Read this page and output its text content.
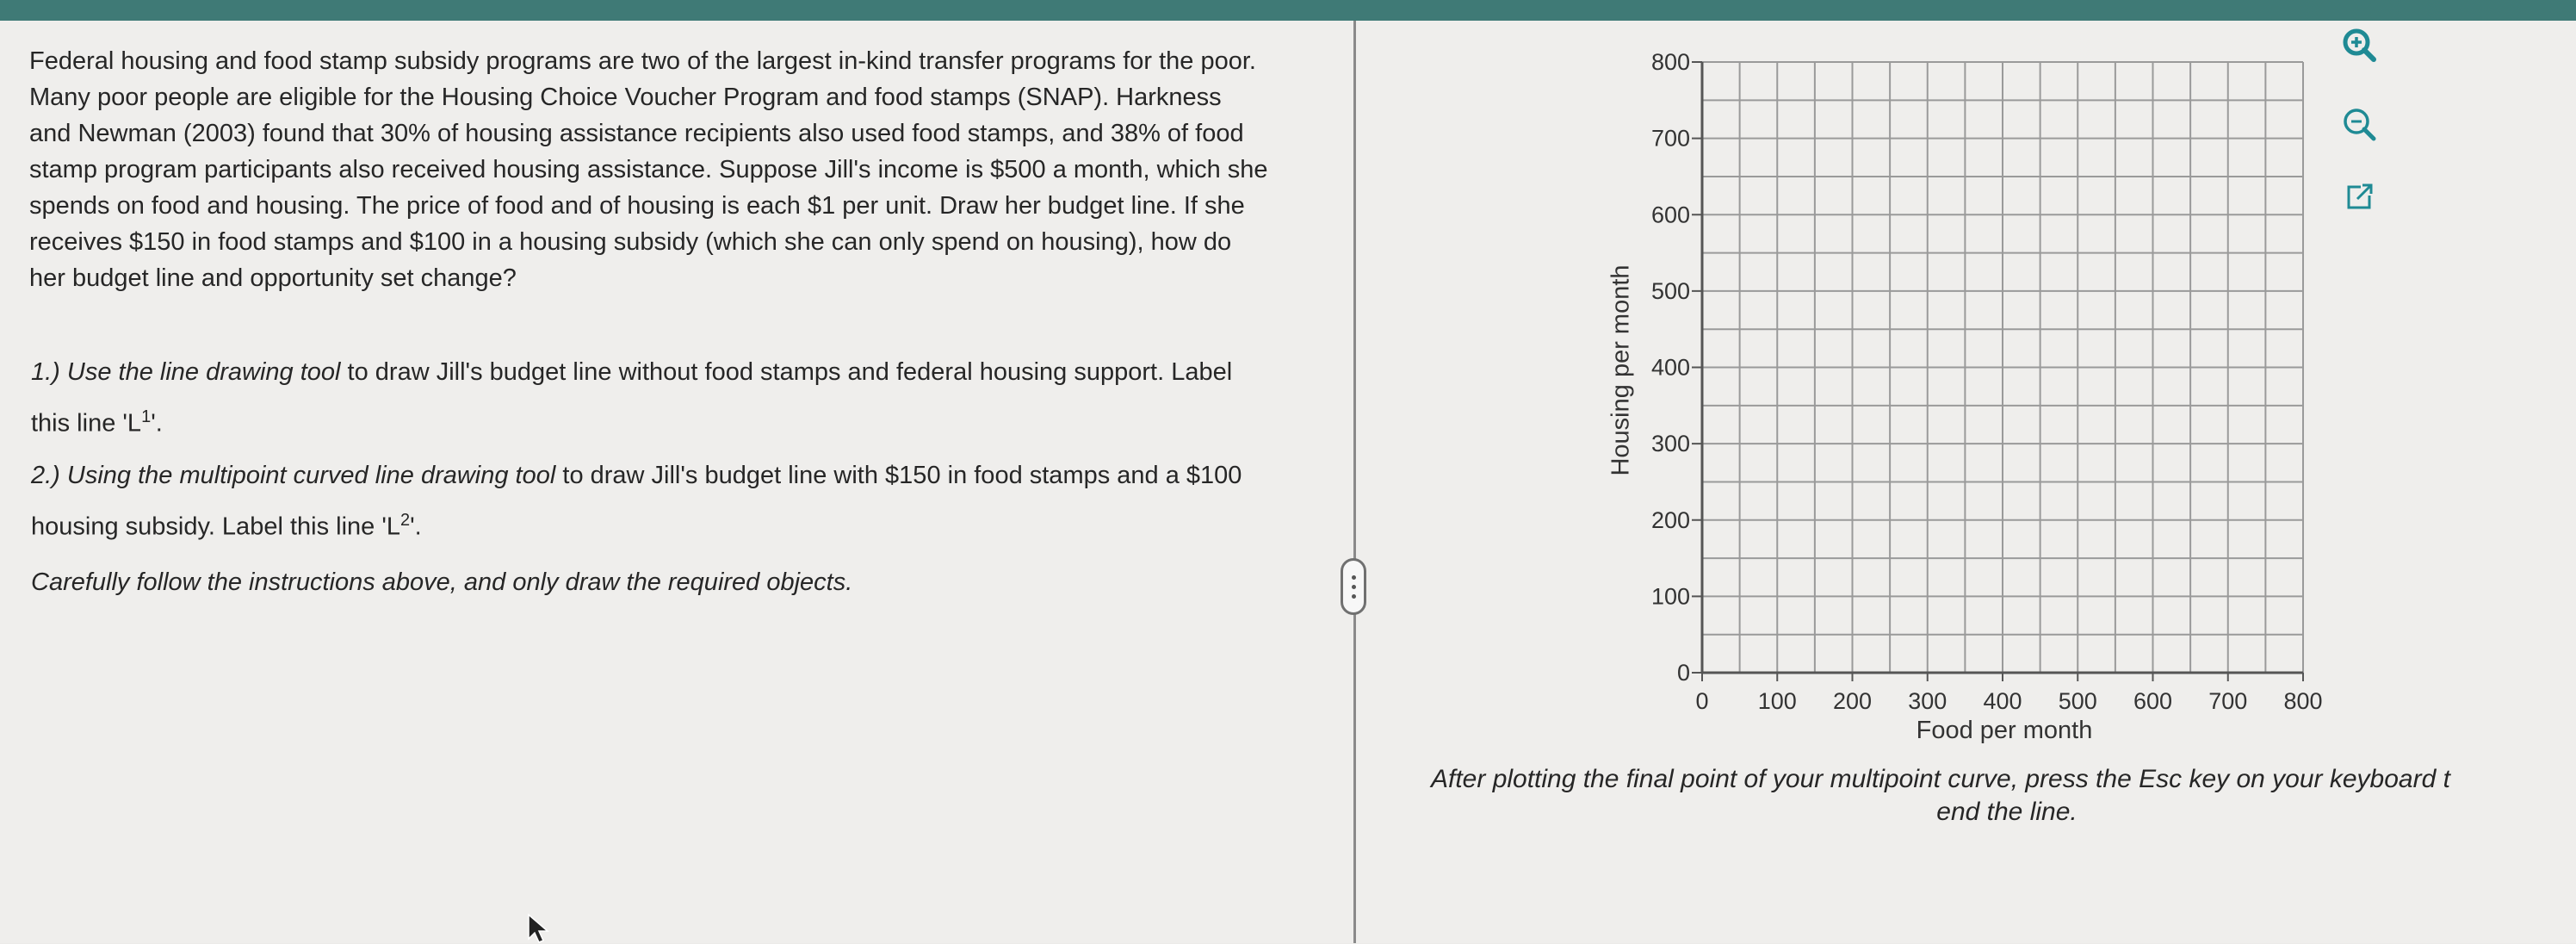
Federal housing and food stamp subsidy programs are two of the largest in-kind transfer programs for the poor. Many poor people are eligible for the Housing Choice Voucher Program and food stamps (SNAP). Harkness and Newman (2003) found that 30% of housing assistance recipients also used food stamps, and 38% of food stamp program participants also received housing assistance. Suppose Jill's income is $500 a month, which she spends on food and housing. The price of food and of housing is each $1 per unit. Draw her budget line. If she receives $150 in food stamps and $100 in a housing subsidy (which she can only spend on housing), how do her budget line and opportunity set change?

1.) Use the line drawing tool to draw Jill's budget line without food stamps and federal housing support. Label this line '$L^1$'.

2.) Using the multipoint curved line drawing tool to draw Jill's budget line with $150 in food stamps and a $100 housing subsidy. Label this line '$L^2$'.

Carefully follow the instructions above, and only draw the required objects.

0 100 200 300 400 500 600 700 800
0
100
200
300
400
500
600
700
800
Housing per month
Food per month
After plotting the final point of your multipoint curve, press the Esc key on your keyboard t
end the line.
